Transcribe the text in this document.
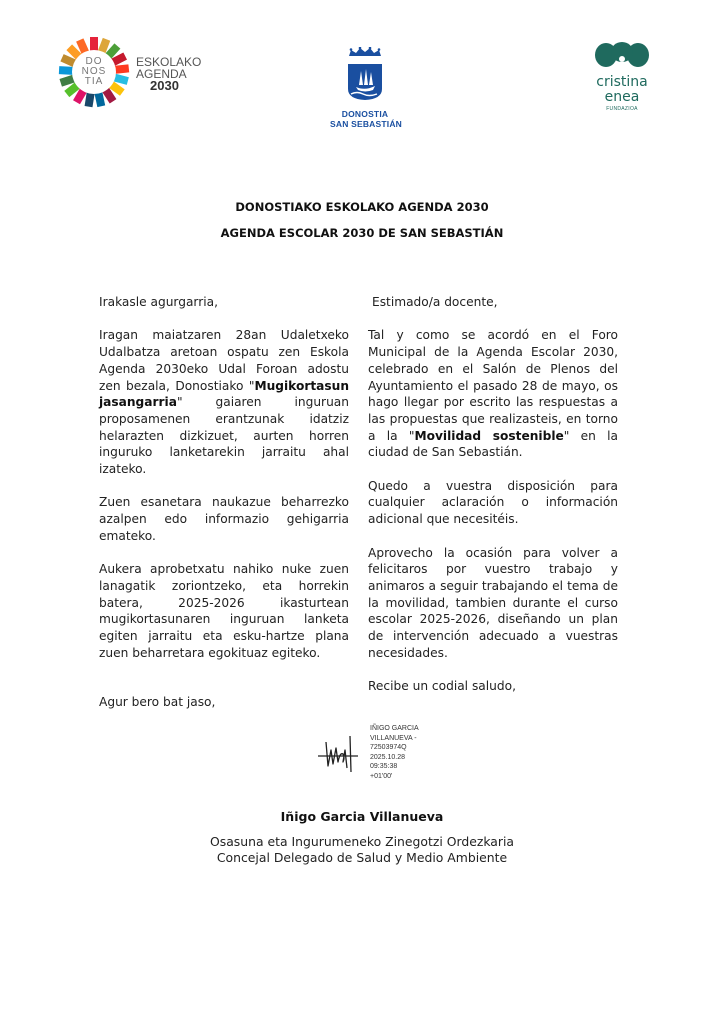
DO
NOS
TIA
ESKOLAKO
AGENDA
2030

DONOSTIA
SAN SEBASTIÁN
cristina
enea
FUNDAZIOA
DONOSTIAKO ESKOLAKO AGENDA 2030
AGENDA ESCOLAR 2030 DE SAN SEBASTIÁN

Irakasle agurgarria,

Iragan maiatzaren 28an Udaletxeko Udalbatza aretoan ospatu zen Eskola Agenda 2030eko Udal Foroan adostu zen bezala, Donostiako "Mugikortasun jasangarria" gaiaren inguruan proposamenen erantzunak idatziz helarazten dizkizuet, aurten horren inguruko lanketarekin jarraitu ahal izateko.

Zuen esanetara naukazue beharrezko azalpen edo informazio gehigarria emateko.

Aukera aprobetxatu nahiko nuke zuen lanagatik zoriontzeko, eta horrekin batera, 2025-2026 ikasturtean mugikortasunaren inguruan lanketa egiten jarraitu eta esku-hartze plana zuen beharretara egokituaz egiteko.

Agur bero bat jaso,

Estimado/a docente,

Tal y como se acordó en el Foro Municipal de la Agenda Escolar 2030, celebrado en el Salón de Plenos del Ayuntamiento el pasado 28 de mayo, os hago llegar por escrito las respuestas a las propuestas que realizasteis, en torno a la "Movilidad sostenible" en la ciudad de San Sebastián.

Quedo a vuestra disposición para cualquier aclaración o información adicional que necesitéis.

Aprovecho la ocasión para volver a felicitaros por vuestro trabajo y animaros a seguir trabajando el tema de la movilidad, tambien durante el curso escolar 2025-2026, diseñando un plan de intervención adecuado a vuestras necesidades.

Recibe un codial saludo,

IÑIGO GARCIA
VILLANUEVA -
72503974Q
2025.10.28
09:35:38
+01'00'
Iñigo Garcia Villanueva
Osasuna eta Ingurumeneko Zinegotzi Ordezkaria
Concejal Delegado de Salud y Medio Ambiente
